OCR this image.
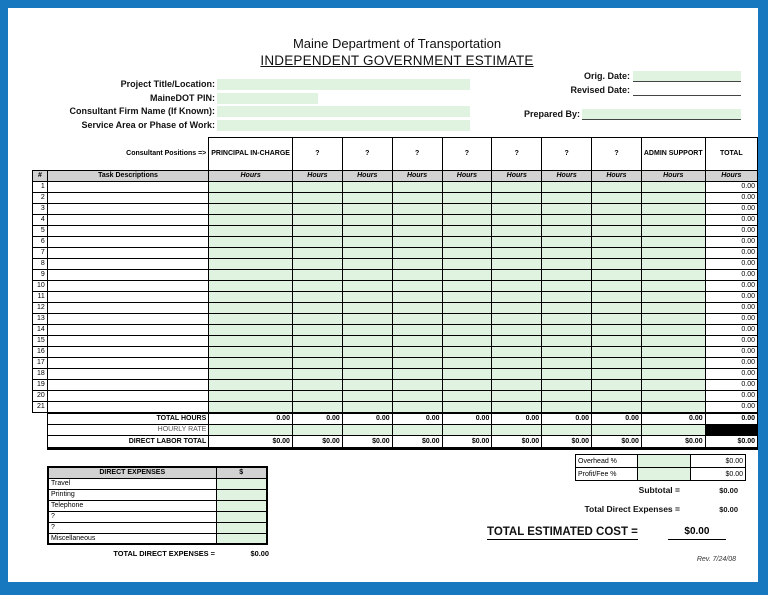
Maine Department of Transportation
INDEPENDENT GOVERNMENT ESTIMATE
Project Title/Location:
MaineDOT PIN:
Consultant Firm Name (If Known):
Service Area or Phase of Work:
Orig. Date:
Revised Date:
Prepared By:
Consultant Positions =>		PRINCIPAL IN-CHARGE	?	?	?	?	?	?	?	ADMIN SUPPORT	TOTAL
#	Task Descriptions	Hours	Hours	Hours	Hours	Hours	Hours	Hours	Hours	Hours	Hours
1											0.00
2											0.00
3											0.00
4											0.00
5											0.00
6											0.00
7											0.00
8											0.00
9											0.00
10											0.00
11											0.00
12											0.00
13											0.00
14											0.00
15											0.00
16											0.00
17											0.00
18											0.00
19											0.00
20											0.00
21											0.00
	TOTAL HOURS	0.00	0.00	0.00	0.00	0.00	0.00	0.00	0.00	0.00	0.00
	HOURLY RATE										
	DIRECT LABOR TOTAL	$0.00	$0.00	$0.00	$0.00	$0.00	$0.00	$0.00	$0.00	$0.00	$0.00
Overhead %		$0.00
Profit/Fee %		$0.00
Subtotal =	$0.00
Total Direct Expenses =	$0.00
TOTAL ESTIMATED COST =	$0.00
DIRECT EXPENSES	$
Travel	
Printing	
Telephone	
?	
?	
Miscellaneous	
TOTAL DIRECT EXPENSES =	$0.00
Rev. 7/24/08
